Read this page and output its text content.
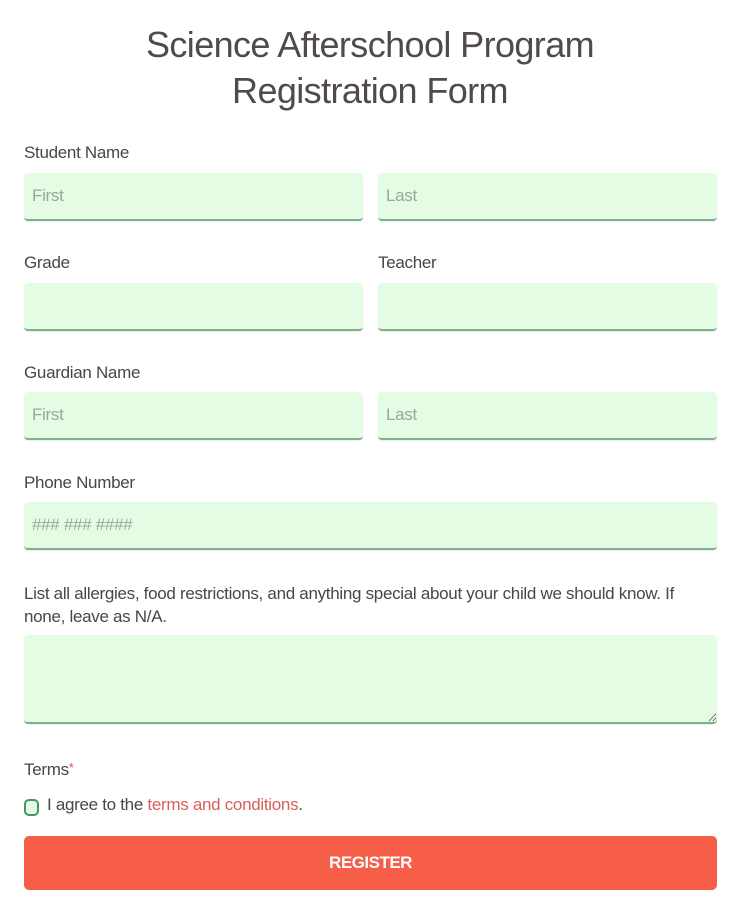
Science Afterschool Program
Registration Form
Student Name
First
Last
Grade	Teacher
Guardian Name
First
Last
Phone Number
### ### ####
List all allergies, food restrictions, and anything special about your child we should know. If none, leave as N/A.
Terms*
I agree to the terms and conditions.
REGISTER
